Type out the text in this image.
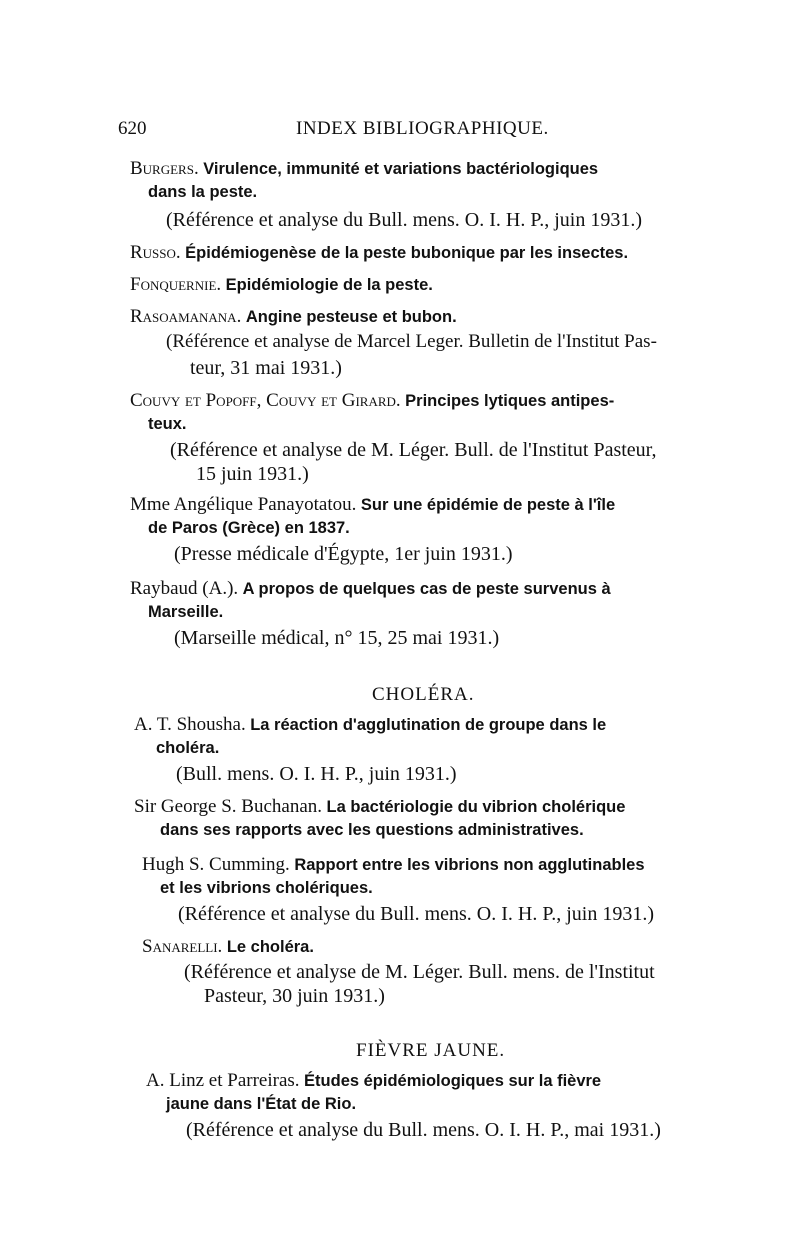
620	INDEX BIBLIOGRAPHIQUE.
Burgers. Virulence, immunité et variations bactériologiques
dans la peste.
(Référence et analyse du Bull. mens. O. I. H. P., juin 1931.)
Russo. Épidémiogenèse de la peste bubonique par les insectes.
Fonquernie. Epidémiologie de la peste.
Rasoamanana. Angine pesteuse et bubon.
(Référence et analyse de Marcel Leger. Bulletin de l'Institut Pas-
teur, 31 mai 1931.)
Couvy et Popoff, Couvy et Girard. Principes lytiques antipes-
teux.
(Référence et analyse de M. Léger. Bull. de l'Institut Pasteur,
15 juin 1931.)
Mme Angélique Panayotatou. Sur une épidémie de peste à l'île
de Paros (Grèce) en 1837.
(Presse médicale d'Égypte, 1er juin 1931.)
Raybaud (A.). A propos de quelques cas de peste survenus à
Marseille.
(Marseille médical, n° 15, 25 mai 1931.)
CHOLÉRA.
A. T. Shousha. La réaction d'agglutination de groupe dans le
choléra.
(Bull. mens. O. I. H. P., juin 1931.)
Sir George S. Buchanan. La bactériologie du vibrion cholérique
dans ses rapports avec les questions administratives.
Hugh S. Cumming. Rapport entre les vibrions non agglutinables
et les vibrions cholériques.
(Référence et analyse du Bull. mens. O. I. H. P., juin 1931.)
Sanarelli. Le choléra.
(Référence et analyse de M. Léger. Bull. mens. de l'Institut
Pasteur, 30 juin 1931.)
FIÈVRE JAUNE.
A. Linz et Parreiras. Études épidémiologiques sur la fièvre
jaune dans l'État de Rio.
(Référence et analyse du Bull. mens. O. I. H. P., mai 1931.)
